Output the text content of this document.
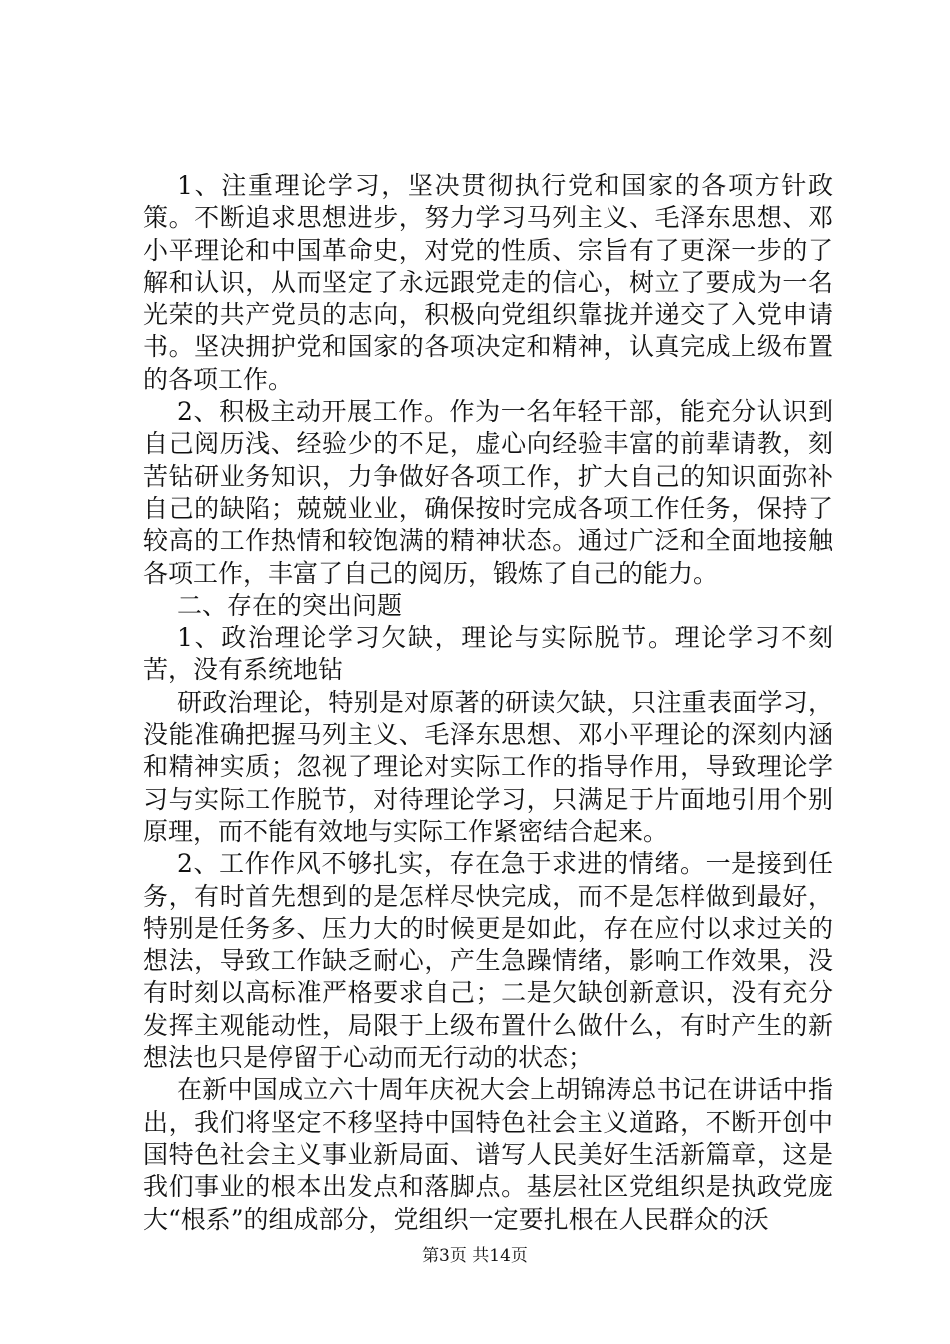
1、注重理论学习，坚决贯彻执行党和国家的各项方针政策。不断追求思想进步，努力学习马列主义、毛泽东思想、邓小平理论和中国革命史，对党的性质、宗旨有了更深一步的了解和认识，从而坚定了永远跟党走的信心，树立了要成为一名光荣的共产党员的志向，积极向党组织靠拢并递交了入党申请书。坚决拥护党和国家的各项决定和精神，认真完成上级布置的各项工作。

2、积极主动开展工作。作为一名年轻干部，能充分认识到自己阅历浅、经验少的不足，虚心向经验丰富的前辈请教，刻苦钻研业务知识，力争做好各项工作，扩大自己的知识面弥补自己的缺陷；兢兢业业，确保按时完成各项工作任务，保持了较高的工作热情和较饱满的精神状态。通过广泛和全面地接触各项工作，丰富了自己的阅历，锻炼了自己的能力。

二、存在的突出问题

1、政治理论学习欠缺，理论与实际脱节。理论学习不刻苦，没有系统地钻

研政治理论，特别是对原著的研读欠缺，只注重表面学习，没能准确把握马列主义、毛泽东思想、邓小平理论的深刻内涵和精神实质；忽视了理论对实际工作的指导作用，导致理论学习与实际工作脱节，对待理论学习，只满足于片面地引用个别原理，而不能有效地与实际工作紧密结合起来。

2、工作作风不够扎实，存在急于求进的情绪。一是接到任务，有时首先想到的是怎样尽快完成，而不是怎样做到最好，特别是任务多、压力大的时候更是如此，存在应付以求过关的想法，导致工作缺乏耐心，产生急躁情绪，影响工作效果，没有时刻以高标准严格要求自己；二是欠缺创新意识，没有充分发挥主观能动性，局限于上级布置什么做什么，有时产生的新想法也只是停留于心动而无行动的状态；

在新中国成立六十周年庆祝大会上胡锦涛总书记在讲话中指出，我们将坚定不移坚持中国特色社会主义道路，不断开创中国特色社会主义事业新局面、谱写人民美好生活新篇章，这是我们事业的根本出发点和落脚点。基层社区党组织是执政党庞大“根系”的组成部分，党组织一定要扎根在人民群众的沃

第3页 共14页
